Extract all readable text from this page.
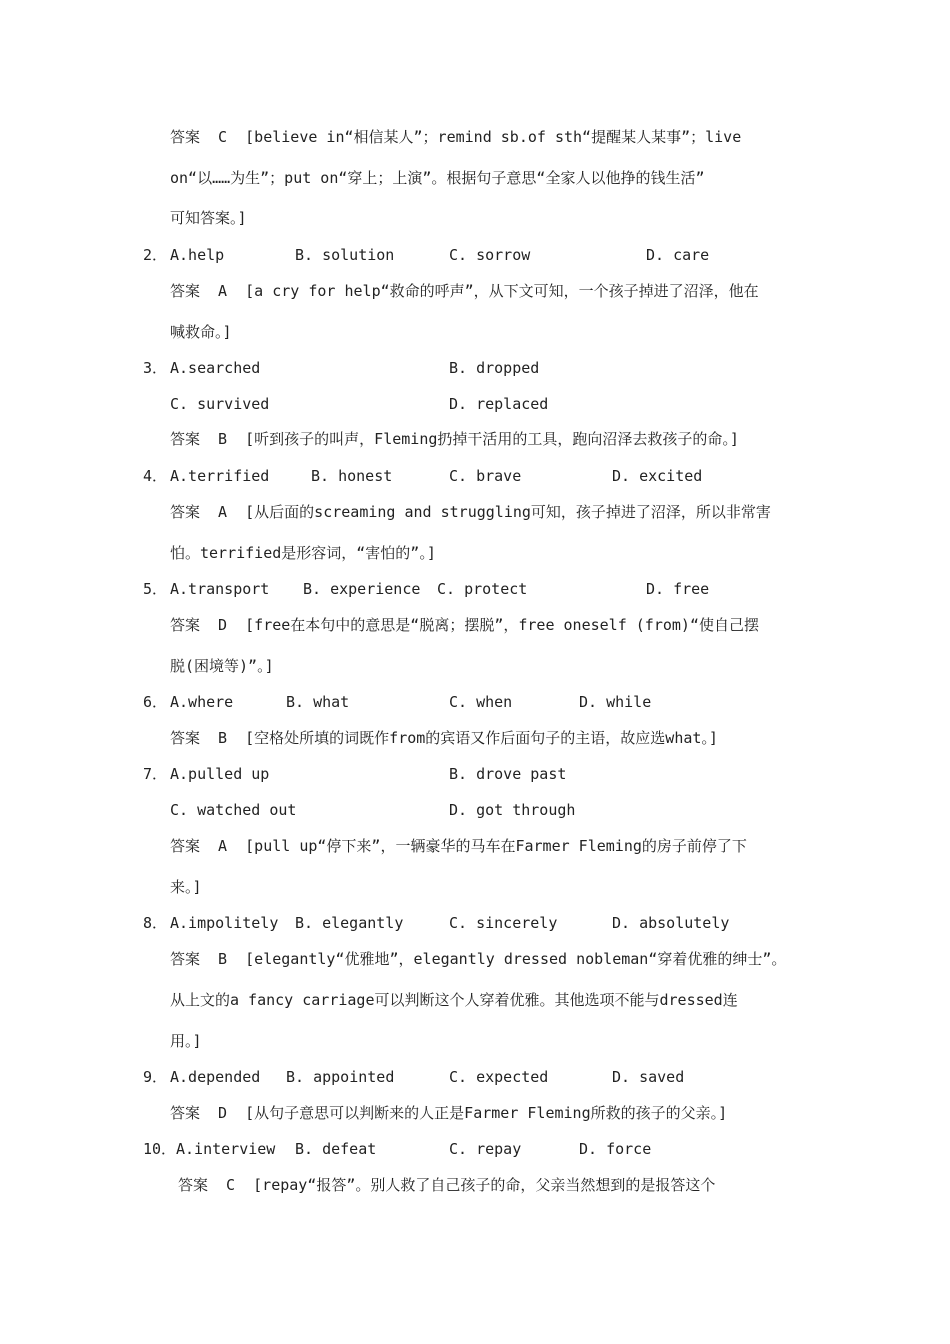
答案  C  [believe in“相信某人”；remind sb.of sth“提醒某人某事”；live
on“以……为生”；put on“穿上；上演”。根据句子意思“全家人以他挣的钱生活”
可知答案。]
2． A.help	B. solution	C. sorrow	D. care
答案  A  [a cry for help“救命的呼声”，从下文可知，一个孩子掉进了沼泽，他在
喊救命。]
3． A.searched	B. dropped
C. survived	D. replaced
答案  B  [听到孩子的叫声，Fleming扔掉干活用的工具，跑向沼泽去救孩子的命。]
4． A.terrified	B. honest	C. brave	D. excited
答案  A  [从后面的screaming and struggling可知，孩子掉进了沼泽，所以非常害
怕。terrified是形容词，“害怕的”。]
5． A.transport B. experience C. protect	D. free
答案  D  [free在本句中的意思是“脱离；摆脱”，free oneself (from)“使自己摆
脱(困境等)”。]
6． A.where	B. what	C. when	D. while
答案  B  [空格处所填的词既作from的宾语又作后面句子的主语，故应选what。]
7． A.pulled up	B. drove past
C. watched out	D. got through
答案  A  [pull up“停下来”，一辆豪华的马车在Farmer Fleming的房子前停了下
来。]
8． A.impolitely B. elegantly	C. sincerely	D. absolutely
答案  B  [elegantly“优雅地”，elegantly dressed nobleman“穿着优雅的绅士”。
从上文的a fancy carriage可以判断这个人穿着优雅。其他选项不能与dressed连
用。]
9． A.depended B. appointed	C. expected	D. saved
答案  D  [从句子意思可以判断来的人正是Farmer Fleming所救的孩子的父亲。]
10． A.interview B. defeat	C. repay	D. force
答案  C  [repay“报答”。别人救了自己孩子的命，父亲当然想到的是报答这个
